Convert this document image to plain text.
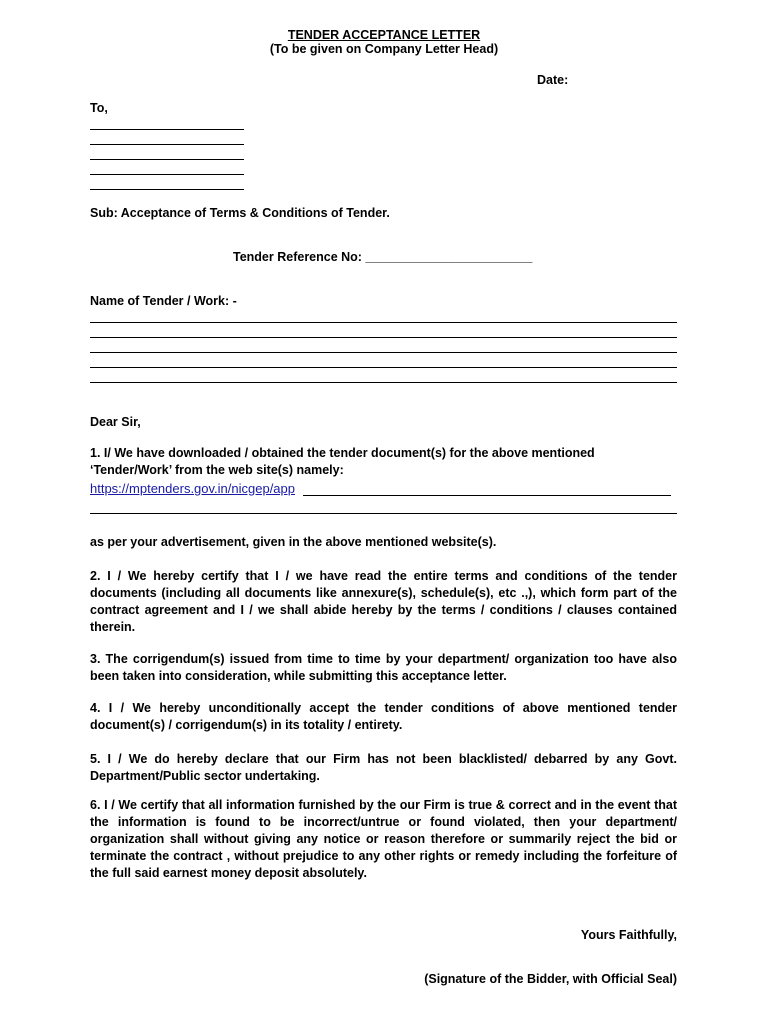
TENDER ACCEPTANCE LETTER
(To be given on Company Letter Head)
Date:
To,
Sub: Acceptance of Terms & Conditions of Tender.
Tender Reference No: ________________________
Name of Tender / Work: -
Dear Sir,
1. I/ We have downloaded / obtained the tender document(s) for the above mentioned
‘Tender/Work’ from the web site(s) namely:
https://mptenders.gov.in/nicgep/app
as per your advertisement, given in the above mentioned website(s).
2. I / We hereby certify that I / we have read the entire terms and conditions of the tender documents (including all documents like annexure(s), schedule(s), etc .,), which form part of the contract agreement and I / we shall abide hereby by the terms / conditions / clauses contained therein.
3. The corrigendum(s) issued from time to time by your department/ organization too have also been taken into consideration, while submitting this acceptance letter.
4. I / We hereby unconditionally accept the tender conditions of above mentioned tender document(s) / corrigendum(s) in its totality / entirety.
5. I / We do hereby declare that our Firm has not been blacklisted/ debarred by any Govt. Department/Public sector undertaking.
6. I / We certify that all information furnished by the our Firm is true & correct and in the event that the information is found to be incorrect/untrue or found violated, then your department/ organization shall without giving any notice or reason therefore or summarily reject the bid or terminate the contract , without prejudice to any other rights or remedy including the forfeiture of the full said earnest money deposit absolutely.
Yours Faithfully,
(Signature of the Bidder, with Official Seal)
